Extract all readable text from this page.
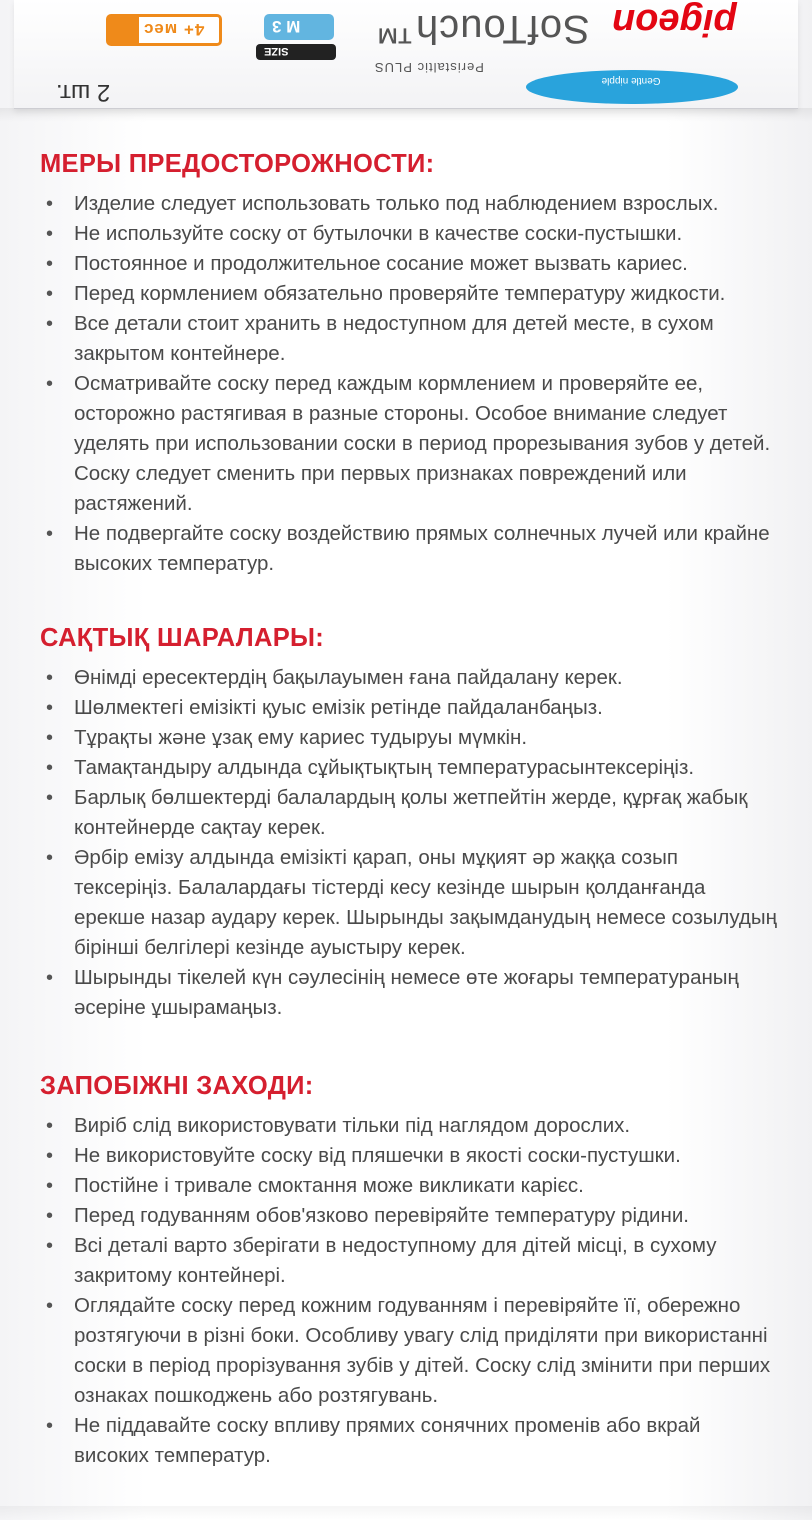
4+ мес	M 3
SIZE SofTouch™
Peristaltic PLUS
pigeon
Gentle nipple
2 шт.
МЕРЫ ПРЕДОСТОРОЖНОСТИ:
• Изделие следует использовать только под наблюдением взрослых.
• Не используйте соску от бутылочки в качестве соски-пустышки.
• Постоянное и продолжительное сосание может вызвать кариес.
• Перед кормлением обязательно проверяйте температуру жидкости.
• Все детали стоит хранить в недоступном для детей месте, в сухом закрытом контейнере.
• Осматривайте соску перед каждым кормлением и проверяйте ее, осторожно растягивая в разные стороны. Особое внимание следует уделять при использовании соски в период прорезывания зубов у детей. Соску следует сменить при первых признаках повреждений или растяжений.
• Не подвергайте соску воздействию прямых солнечных лучей или крайне высоких температур.
САҚТЫҚ ШАРАЛАРЫ:
• Өнімді ересектердің бақылауымен ғана пайдалану керек.
• Шөлмектегі емізікті қуыс емізік ретінде пайдаланбаңыз.
• Тұрақты және ұзақ ему кариес тудыруы мүмкін.
• Тамақтандыру алдында сұйықтықтың температурасынтексеріңіз.
• Барлық бөлшектерді балалардың қолы жетпейтін жерде, құрғақ жабық контейнерде сақтау керек.
• Әрбір емізу алдында емізікті қарап, оны мұқият әр жаққа созып тексеріңіз. Балалардағы тістерді кесу кезінде шырын қолданғанда ерекше назар аудару керек. Шырынды зақымданудың немесе созылудың бірінші белгілері кезінде ауыстыру керек.
• Шырынды тікелей күн сәулесінің немесе өте жоғары температураның әсеріне ұшырамаңыз.
ЗАПОБІЖНІ ЗАХОДИ:
• Виріб слід використовувати тільки під наглядом дорослих.
• Не використовуйте соску від пляшечки в якості соски-пустушки.
• Постійне і тривале смоктання може викликати карієс.
• Перед годуванням обов'язково перевіряйте температуру рідини.
• Всі деталі варто зберігати в недоступному для дітей місці, в сухому закритому контейнері.
• Оглядайте соску перед кожним годуванням і перевіряйте її, обережно розтягуючи в різні боки. Особливу увагу слід приділяти при використанні соски в період прорізування зубів у дітей. Соску слід змінити при перших ознаках пошкоджень або розтягувань.
• Не піддавайте соску впливу прямих сонячних променів або вкрай високих температур.
